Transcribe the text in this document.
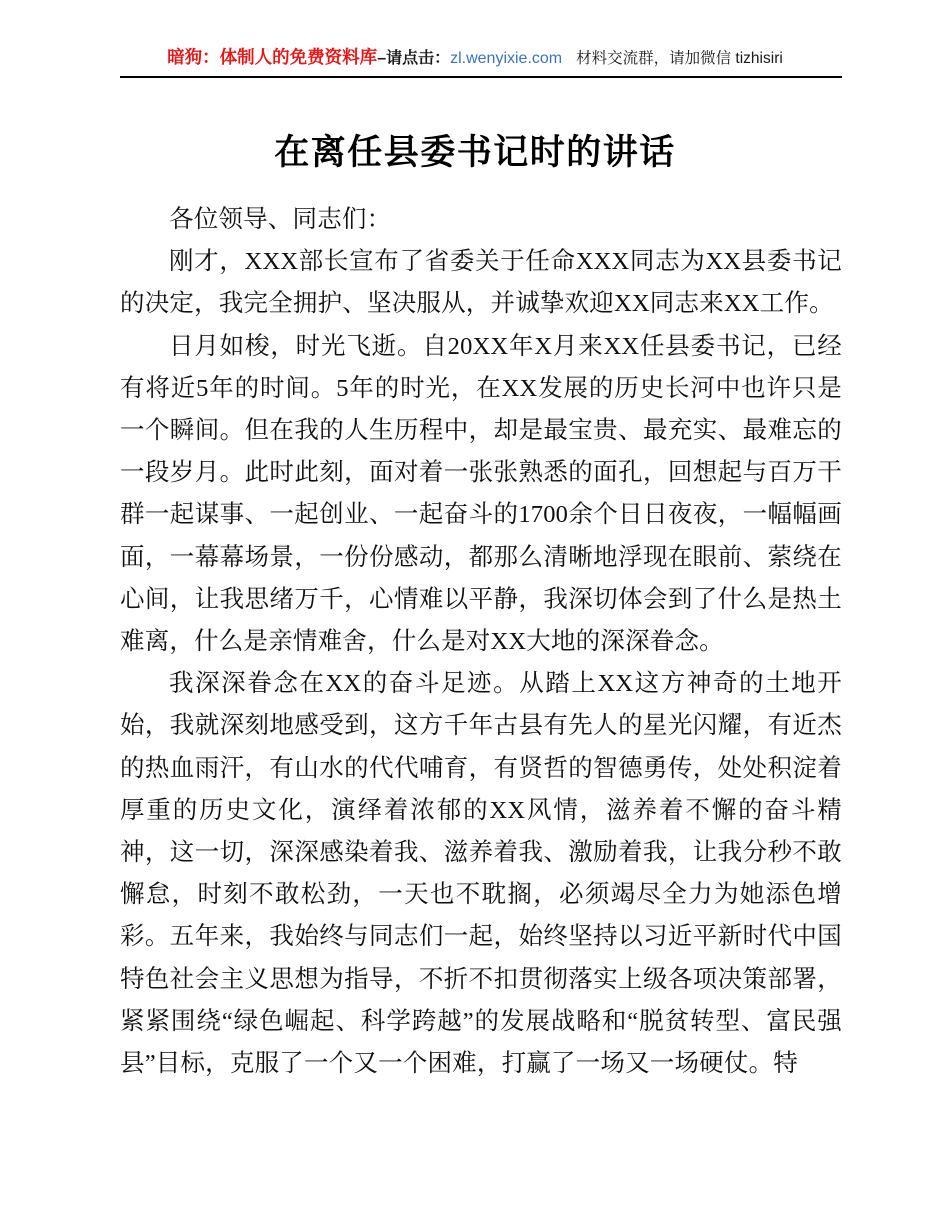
暗狗：体制人的免费资料库–请点击：zl.wenyixie.com 材料交流群，请加微信 tizhisiri
在离任县委书记时的讲话

各位领导、同志们：

刚才，XXX部长宣布了省委关于任命XXX同志为XX县委书记的决定，我完全拥护、坚决服从，并诚挚欢迎XX同志来XX工作。

日月如梭，时光飞逝。自20XX年X月来XX任县委书记，已经有将近5年的时间。5年的时光，在XX发展的历史长河中也许只是一个瞬间。但在我的人生历程中，却是最宝贵、最充实、最难忘的一段岁月。此时此刻，面对着一张张熟悉的面孔，回想起与百万干群一起谋事、一起创业、一起奋斗的1700余个日日夜夜，一幅幅画面，一幕幕场景，一份份感动，都那么清晰地浮现在眼前、萦绕在心间，让我思绪万千，心情难以平静，我深切体会到了什么是热土难离，什么是亲情难舍，什么是对XX大地的深深眷念。

我深深眷念在XX的奋斗足迹。从踏上XX这方神奇的土地开始，我就深刻地感受到，这方千年古县有先人的星光闪耀，有近杰的热血雨汗，有山水的代代哺育，有贤哲的智德勇传，处处积淀着厚重的历史文化，演绎着浓郁的XX风情，滋养着不懈的奋斗精神，这一切，深深感染着我、滋养着我、激励着我，让我分秒不敢懈怠，时刻不敢松劲，一天也不耽搁，必须竭尽全力为她添色增彩。五年来，我始终与同志们一起，始终坚持以习近平新时代中国特色社会主义思想为指导，不折不扣贯彻落实上级各项决策部署，紧紧围绕“绿色崛起、科学跨越”的发展战略和“脱贫转型、富民强县”目标，克服了一个又一个困难，打赢了一场又一场硬仗。特
